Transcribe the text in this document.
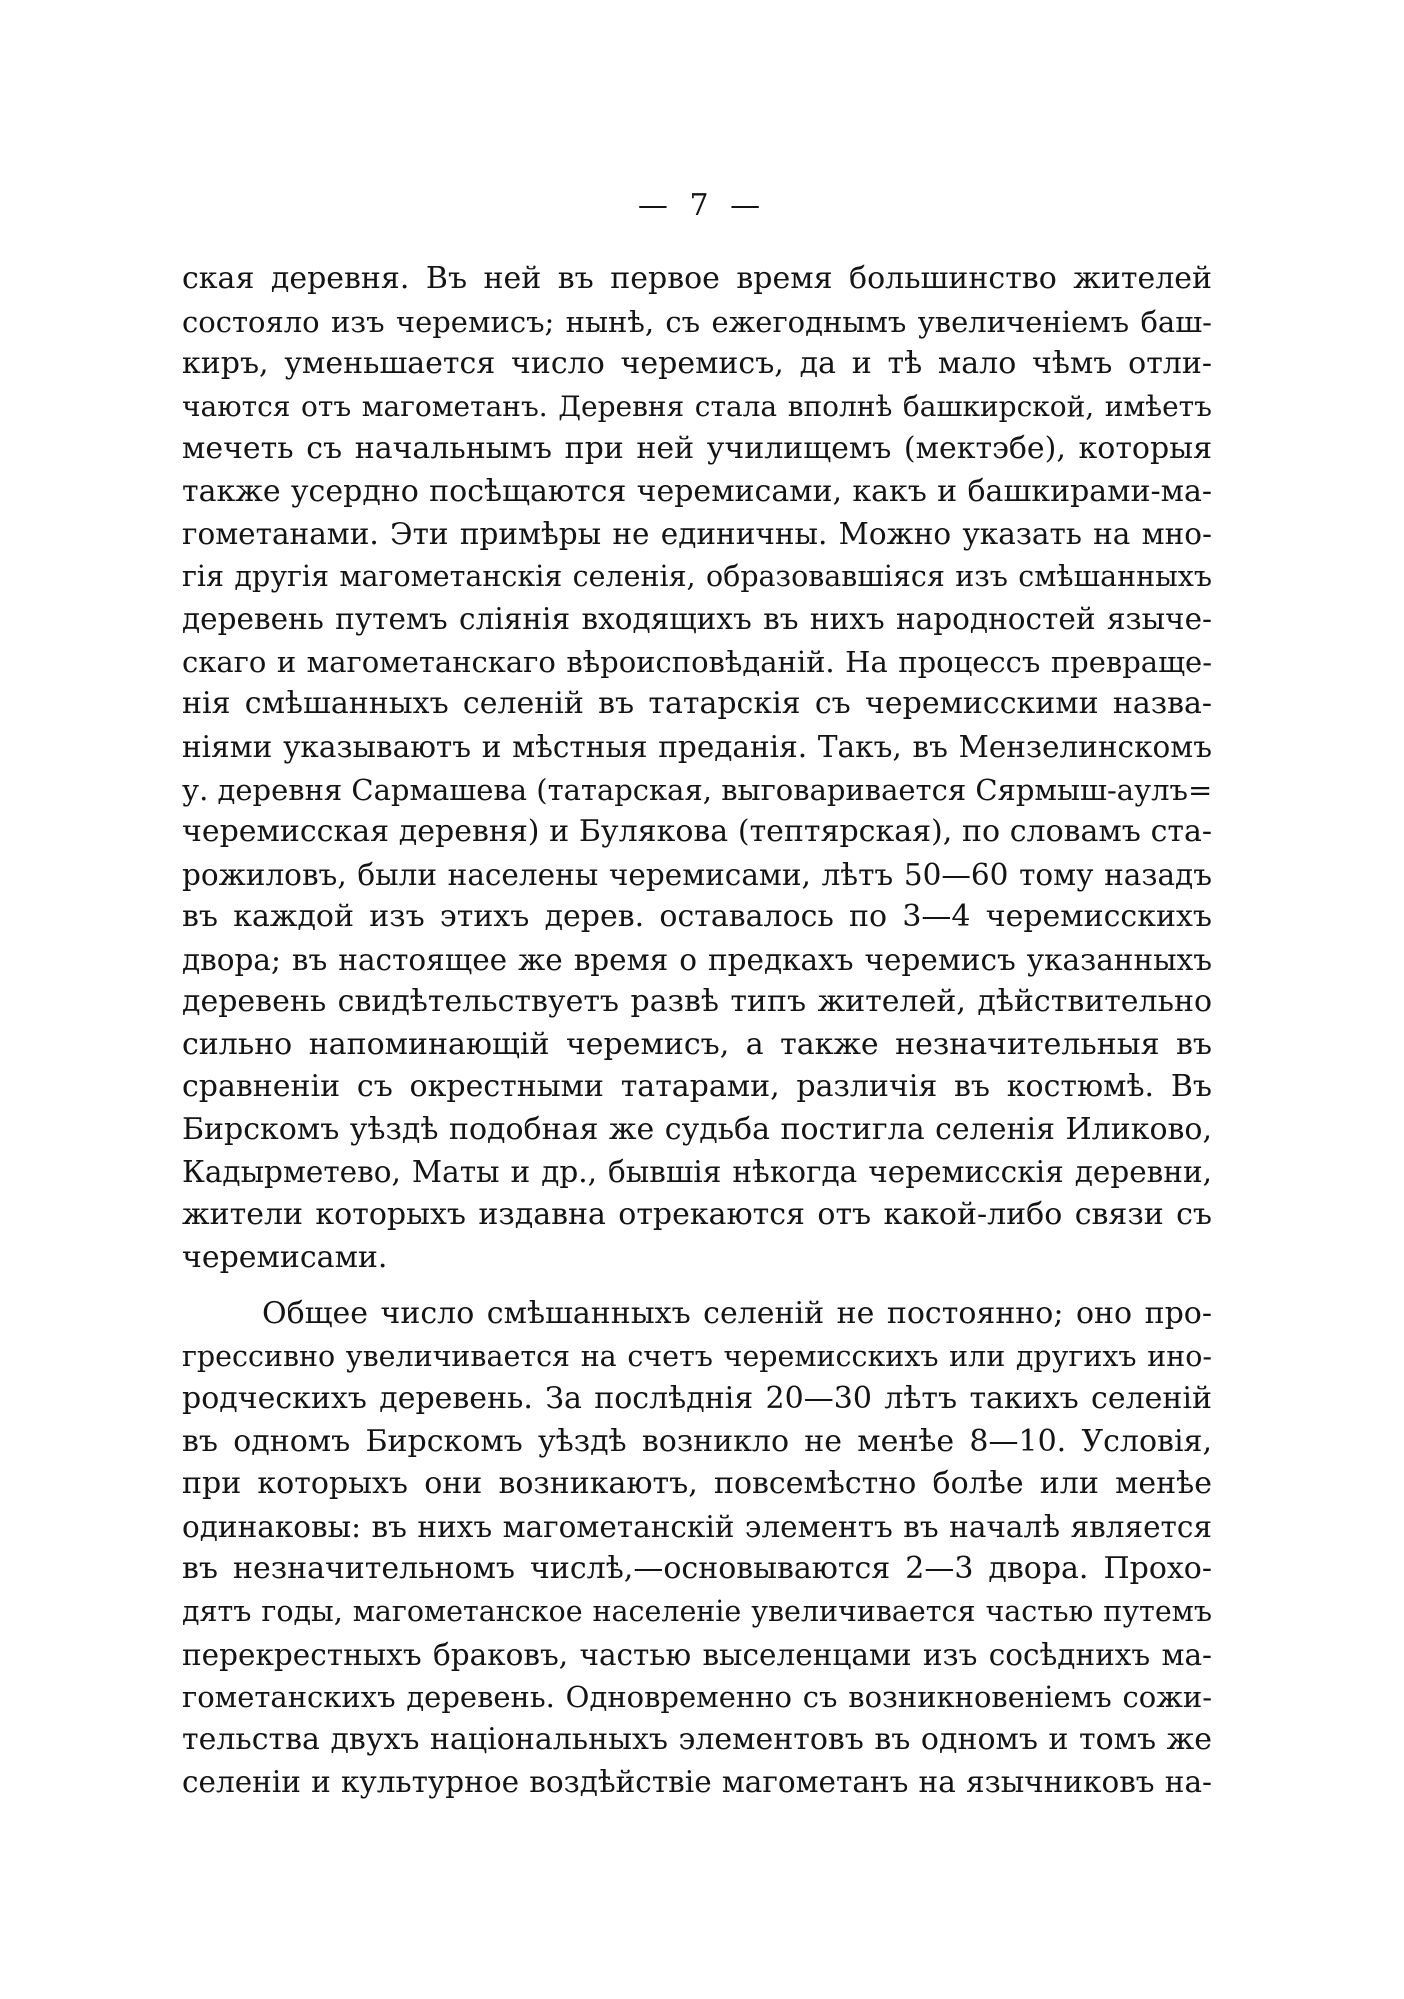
— 7 —
ская деревня. Въ ней въ первое время большинство жителей
состояло изъ черемисъ; нынѣ, съ ежегоднымъ увеличеніемъ баш-
киръ, уменьшается число черемисъ, да и тѣ мало чѣмъ отли-
чаются отъ магометанъ. Деревня стала вполнѣ башкирской, имѣетъ
мечеть съ начальнымъ при ней училищемъ (мектэбе), которыя
также усердно посѣщаются черемисами, какъ и башкирами-ма-
гометанами. Эти примѣры не единичны. Можно указать на мно-
гія другія магометанскія селенія, образовавшіяся изъ смѣшанныхъ
деревень путемъ сліянія входящихъ въ нихъ народностей языче-
скаго и магометанскаго вѣроисповѣданій. На процессъ превраще-
нія смѣшанныхъ селеній въ татарскія съ черемисскими назва-
ніями указываютъ и мѣстныя преданія. Такъ, въ Мензелинскомъ
у. деревня Сармашева (татарская, выговаривается Сярмыш-аулъ=
черемисская деревня) и Булякова (тептярская), по словамъ ста-
рожиловъ, были населены черемисами, лѣтъ 50—60 тому назадъ
въ каждой изъ этихъ дерев. оставалось по 3—4 черемисскихъ
двора; въ настоящее же время о предкахъ черемисъ указанныхъ
деревень свидѣтельствуетъ развѣ типъ жителей, дѣйствительно
сильно напоминающій черемисъ, а также незначительныя въ
сравненіи съ окрестными татарами, различія въ костюмѣ. Въ
Бирскомъ уѣздѣ подобная же судьба постигла селенія Иликово,
Кадырметево, Маты и др., бывшія нѣкогда черемисскія деревни,
жители которыхъ издавна отрекаются отъ какой-либо связи съ
черемисами.
Общее число смѣшанныхъ селеній не постоянно; оно про-
грессивно увеличивается на счетъ черемисскихъ или другихъ ино-
родческихъ деревень. За послѣднія 20—30 лѣтъ такихъ селеній
въ одномъ Бирскомъ уѣздѣ возникло не менѣе 8—10. Условія,
при которыхъ они возникаютъ, повсемѣстно болѣе или менѣе
одинаковы: въ нихъ магометанскій элементъ въ началѣ является
въ незначительномъ числѣ,—основываются 2—3 двора. Прохо-
дятъ годы, магометанское населеніе увеличивается частью путемъ
перекрестныхъ браковъ, частью выселенцами изъ сосѣднихъ ма-
гометанскихъ деревень. Одновременно съ возникновеніемъ сожи-
тельства двухъ національныхъ элементовъ въ одномъ и томъ же
селеніи и культурное воздѣйствіе магометанъ на язычниковъ на-
